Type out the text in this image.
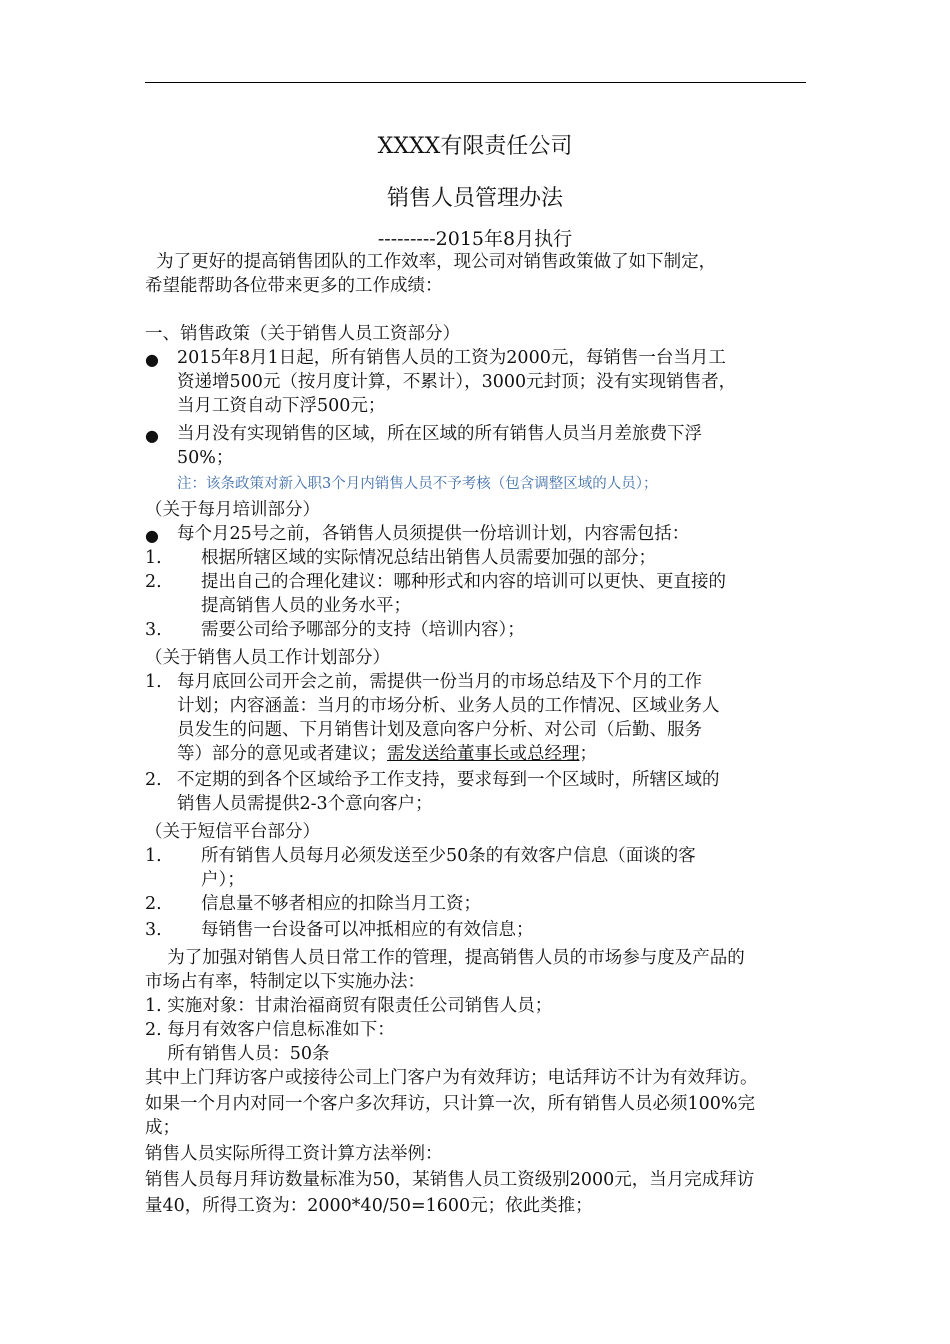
XXXX有限责任公司
销售人员管理办法
---------2015年8月执行
为了更好的提高销售团队的工作效率，现公司对销售政策做了如下制定，
希望能帮助各位带来更多的工作成绩：
一、销售政策（关于销售人员工资部分）
● 2015年8月1日起，所有销售人员的工资为2000元，每销售一台当月工
资递增500元（按月度计算，不累计），3000元封顶；没有实现销售者，
当月工资自动下浮500元；
● 当月没有实现销售的区域，所在区域的所有销售人员当月差旅费下浮
50%；
注：该条政策对新入职3个月内销售人员不予考核（包含调整区域的人员）；
（关于每月培训部分）
● 每个月25号之前，各销售人员须提供一份培训计划，内容需包括：
1. 根据所辖区域的实际情况总结出销售人员需要加强的部分；
2. 提出自己的合理化建议：哪种形式和内容的培训可以更快、更直接的
提高销售人员的业务水平；
3. 需要公司给予哪部分的支持（培训内容）；
（关于销售人员工作计划部分）
1. 每月底回公司开会之前，需提供一份当月的市场总结及下个月的工作
计划；内容涵盖：当月的市场分析、业务人员的工作情况、区域业务人
员发生的问题、下月销售计划及意向客户分析、对公司（后勤、服务
等）部分的意见或者建议；需发送给董事长或总经理；
2. 不定期的到各个区域给予工作支持，要求每到一个区域时，所辖区域的
销售人员需提供2-3个意向客户；
（关于短信平台部分）
1. 所有销售人员每月必须发送至少50条的有效客户信息（面谈的客
户）；
2. 信息量不够者相应的扣除当月工资；
3. 每销售一台设备可以冲抵相应的有效信息；
为了加强对销售人员日常工作的管理，提高销售人员的市场参与度及产品的
市场占有率，特制定以下实施办法：
1. 实施对象：甘肃治福商贸有限责任公司销售人员；
2. 每月有效客户信息标准如下：
所有销售人员：50条
其中上门拜访客户或接待公司上门客户为有效拜访；电话拜访不计为有效拜访。
如果一个月内对同一个客户多次拜访，只计算一次，所有销售人员必须100%完
成；
销售人员实际所得工资计算方法举例：
销售人员每月拜访数量标准为50，某销售人员工资级别2000元，当月完成拜访
量40，所得工资为：2000*40/50=1600元；依此类推；
